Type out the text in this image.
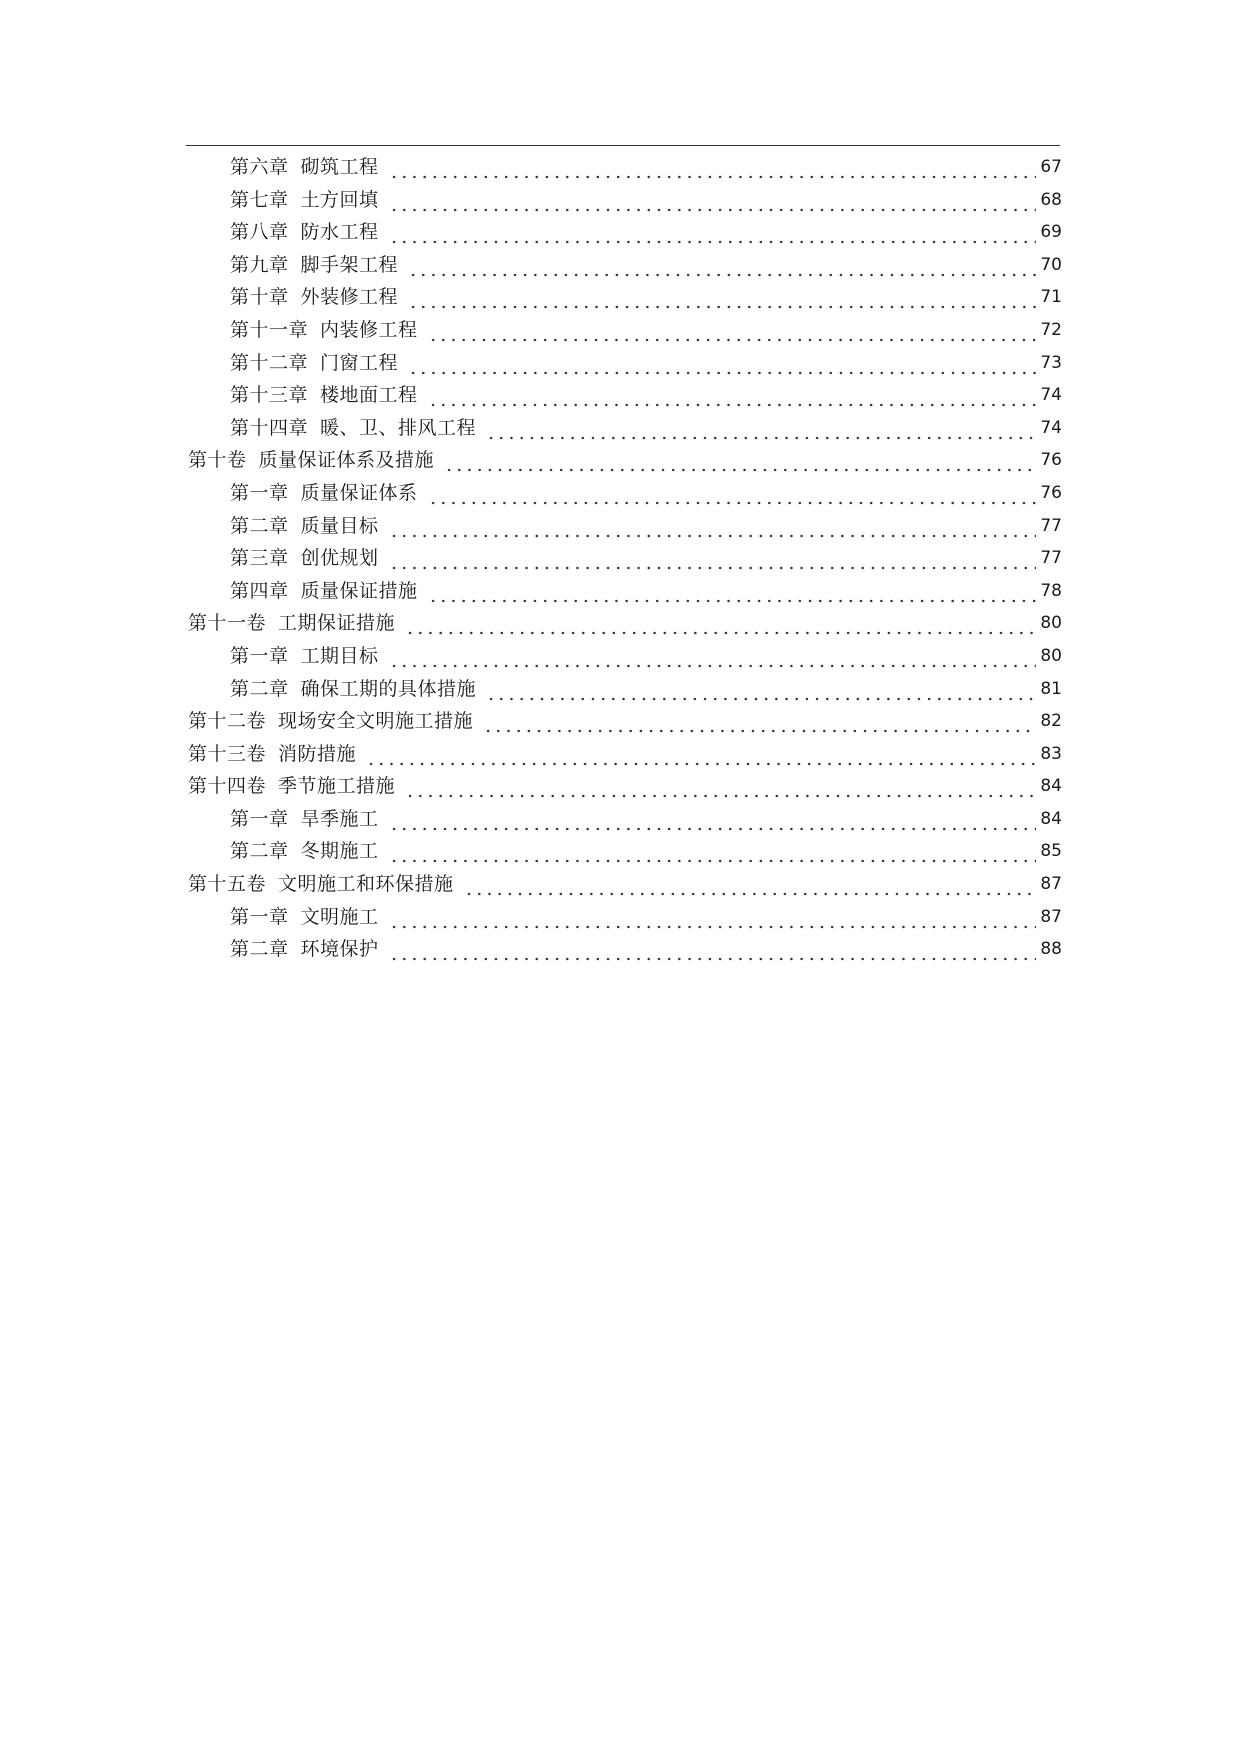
第六章 砌筑工程	67
第七章 土方回填	68
第八章 防水工程	69
第九章 脚手架工程	70
第十章 外装修工程	71
第十一章 内装修工程	72
第十二章 门窗工程	73
第十三章 楼地面工程	74
第十四章 暖、卫、排风工程	74
第十卷 质量保证体系及措施	76
第一章 质量保证体系	76
第二章 质量目标	77
第三章 创优规划	77
第四章 质量保证措施	78
第十一卷 工期保证措施	80
第一章 工期目标	80
第二章 确保工期的具体措施	81
第十二卷 现场安全文明施工措施	82
第十三卷 消防措施	83
第十四卷 季节施工措施	84
第一章 旱季施工	84
第二章 冬期施工	85
第十五卷 文明施工和环保措施	87
第一章 文明施工	87
第二章 环境保护	88
